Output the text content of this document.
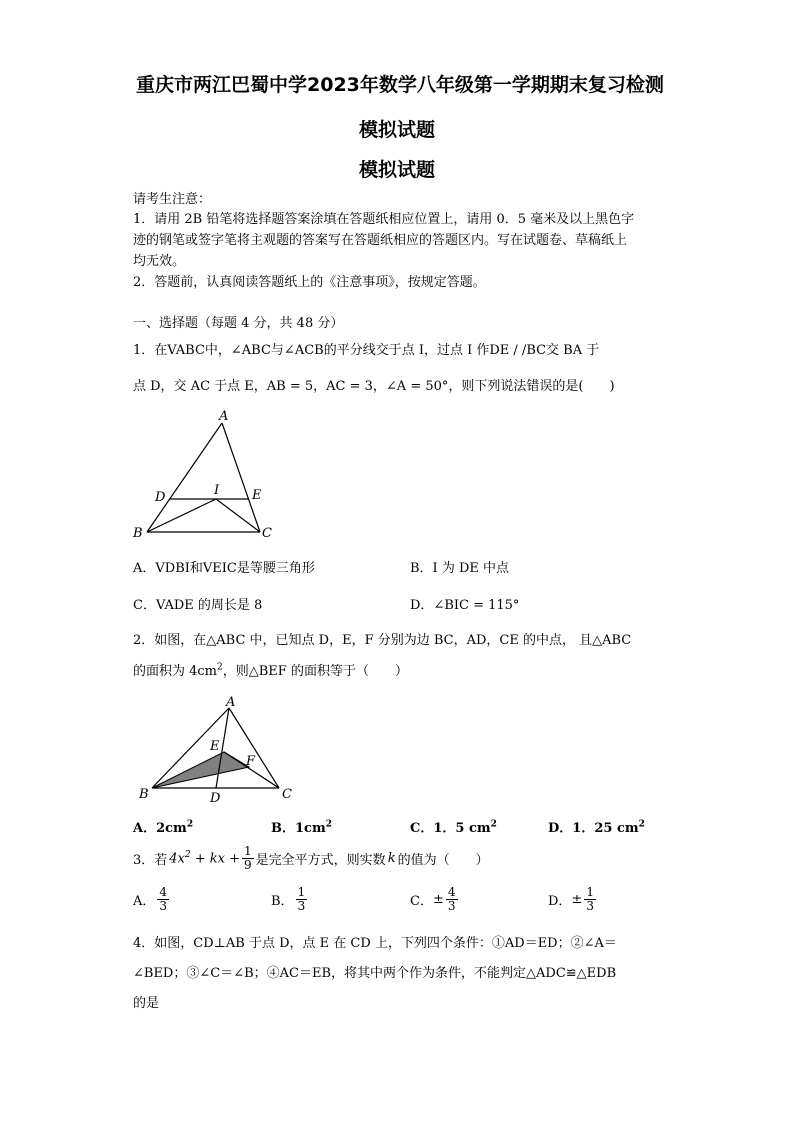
重庆市两江巴蜀中学2023年数学八年级第一学期期末复习检测
模拟试题
模拟试题
请考生注意：
1．请用 2B 铅笔将选择题答案涂填在答题纸相应位置上，请用 0．5 毫米及以上黑色字
迹的钢笔或签字笔将主观题的答案写在答题纸相应的答题区内。写在试题卷、草稿纸上
均无效。
2．答题前，认真阅读答题纸上的《注意事项》，按规定答题。
一、选择题（每题 4 分，共 48 分）
1．在VABC中，∠ABC与∠ACB的平分线交于点 I，过点 I 作DE / /BC交 BA 于
点 D，交 AC 于点 E，AB = 5，AC = 3，∠A = 50°，则下列说法错误的是(　　)
A
B	C
D	E
I
A．VDBI和VEIC是等腰三角形	B．I 为 DE 中点
C．VADE 的周长是 8	D．∠BIC = 115°
2．如图，在△ABC 中，已知点 D，E，F 分别为边 BC，AD，CE 的中点， 且△ABC
的面积为 $4cm^2$，则△BEF 的面积等于（　　）
A
B	C
D
E
F
A．$2cm^2$	B．$1cm^2$	C．1．5 $cm^2$	D．1．25 $cm^2$
3．若 $4x^2$ + kx + $\frac{1}{9}$ 是完全平方式，则实数 k 的值为（　　）
A． $\frac{4}{3}$	B． $\frac{1}{3}$	C． ± $\frac{4}{3}$	D． ± $\frac{1}{3}$
4．如图，CD⊥AB 于点 D，点 E 在 CD 上，下列四个条件：①AD＝ED；②∠A＝
∠BED；③∠C＝∠B；④AC＝EB，将其中两个作为条件，不能判定△ADC≌△EDB
的是
